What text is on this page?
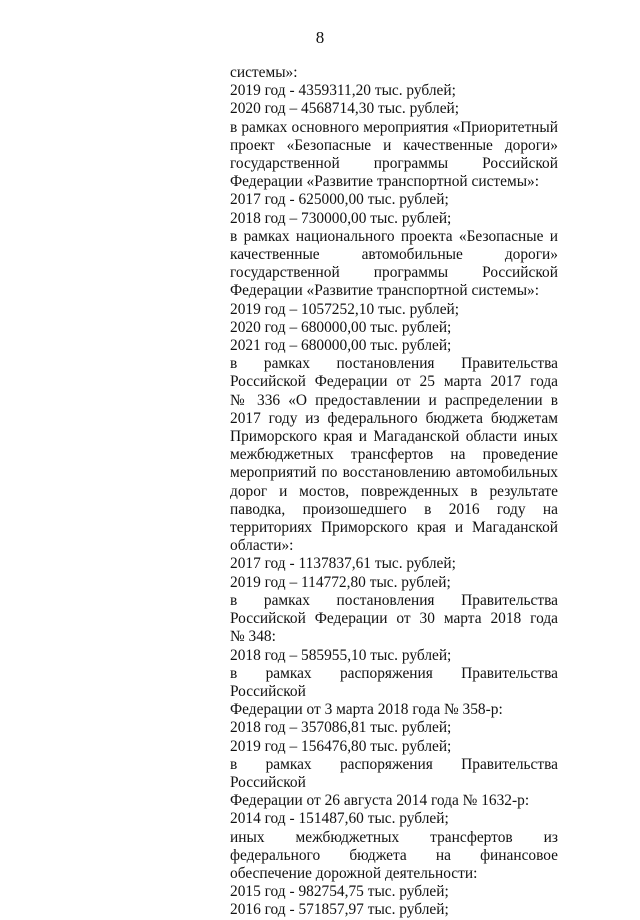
8
системы»:
2019 год - 4359311,20 тыс. рублей;
2020 год – 4568714,30 тыс. рублей;
в рамках основного мероприятия «Приоритетный
проект «Безопасные и качественные дороги»
государственной программы Российской
Федерации «Развитие транспортной системы»:
2017 год - 625000,00 тыс. рублей;
2018 год – 730000,00 тыс. рублей;
в рамках национального проекта «Безопасные и
качественные автомобильные дороги»
государственной программы Российской
Федерации «Развитие транспортной системы»:
2019 год – 1057252,10 тыс. рублей;
2020 год – 680000,00 тыс. рублей;
2021 год – 680000,00 тыс. рублей;
в рамках постановления Правительства
Российской Федерации от 25 марта 2017 года
№ 336 «О предоставлении и распределении в
2017 году из федерального бюджета бюджетам
Приморского края и Магаданской области иных
межбюджетных трансфертов на проведение
мероприятий по восстановлению автомобильных
дорог и мостов, поврежденных в результате
паводка, произошедшего в 2016 году на
территориях Приморского края и Магаданской
области»:
2017 год - 1137837,61 тыс. рублей;
2019 год – 114772,80 тыс. рублей;
в рамках постановления Правительства
Российской Федерации от 30 марта 2018 года
№ 348:
2018 год – 585955,10 тыс. рублей;
в рамках распоряжения Правительства Российской
Федерации от 3 марта 2018 года № 358-р:
2018 год – 357086,81 тыс. рублей;
2019 год – 156476,80 тыс. рублей;
в рамках распоряжения Правительства Российской
Федерации от 26 августа 2014 года № 1632-р:
2014 год - 151487,60 тыс. рублей;
иных межбюджетных трансфертов из
федерального бюджета на финансовое
обеспечение дорожной деятельности:
2015 год - 982754,75 тыс. рублей;
2016 год - 571857,97 тыс. рублей;
